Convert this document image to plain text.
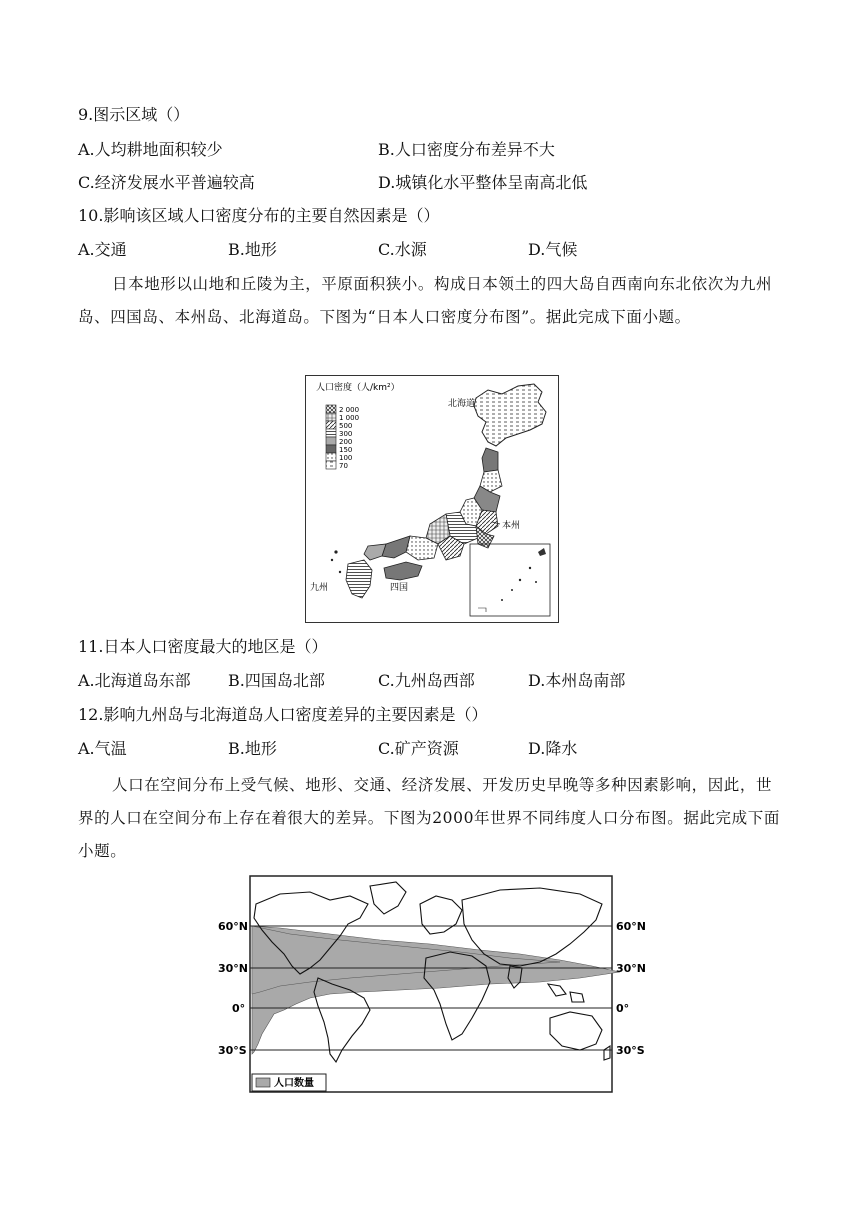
9.图示区域（）
A.人均耕地面积较少	B.人口密度分布差异不大
C.经济发展水平普遍较高	D.城镇化水平整体呈南高北低
10.影响该区域人口密度分布的主要自然因素是（）
A.交通	B.地形	C.水源	D.气候
日本地形以山地和丘陵为主，平原面积狭小。构成日本领土的四大岛自西南向东北依次为九州岛、四国岛、本州岛、北海道岛。下图为“日本人口密度分布图”。据此完成下面小题。
人口密度（人/km²）
2 000
1 000
500
300
200
150
100
70
北海道
本州
四国
九州
11.日本人口密度最大的地区是（）
A.北海道岛东部 B.四国岛北部	C.九州岛西部	D.本州岛南部
12.影响九州岛与北海道岛人口密度差异的主要因素是（）
A.气温	B.地形	C.矿产资源	D.降水
人口在空间分布上受气候、地形、交通、经济发展、开发历史早晚等多种因素影响，因此，世界的人口在空间分布上存在着很大的差异。下图为2000年世界不同纬度人口分布图。据此完成下面小题。
60°N
30°N
0°
30°S
60°N
30°N
0°
30°S
人口数量
